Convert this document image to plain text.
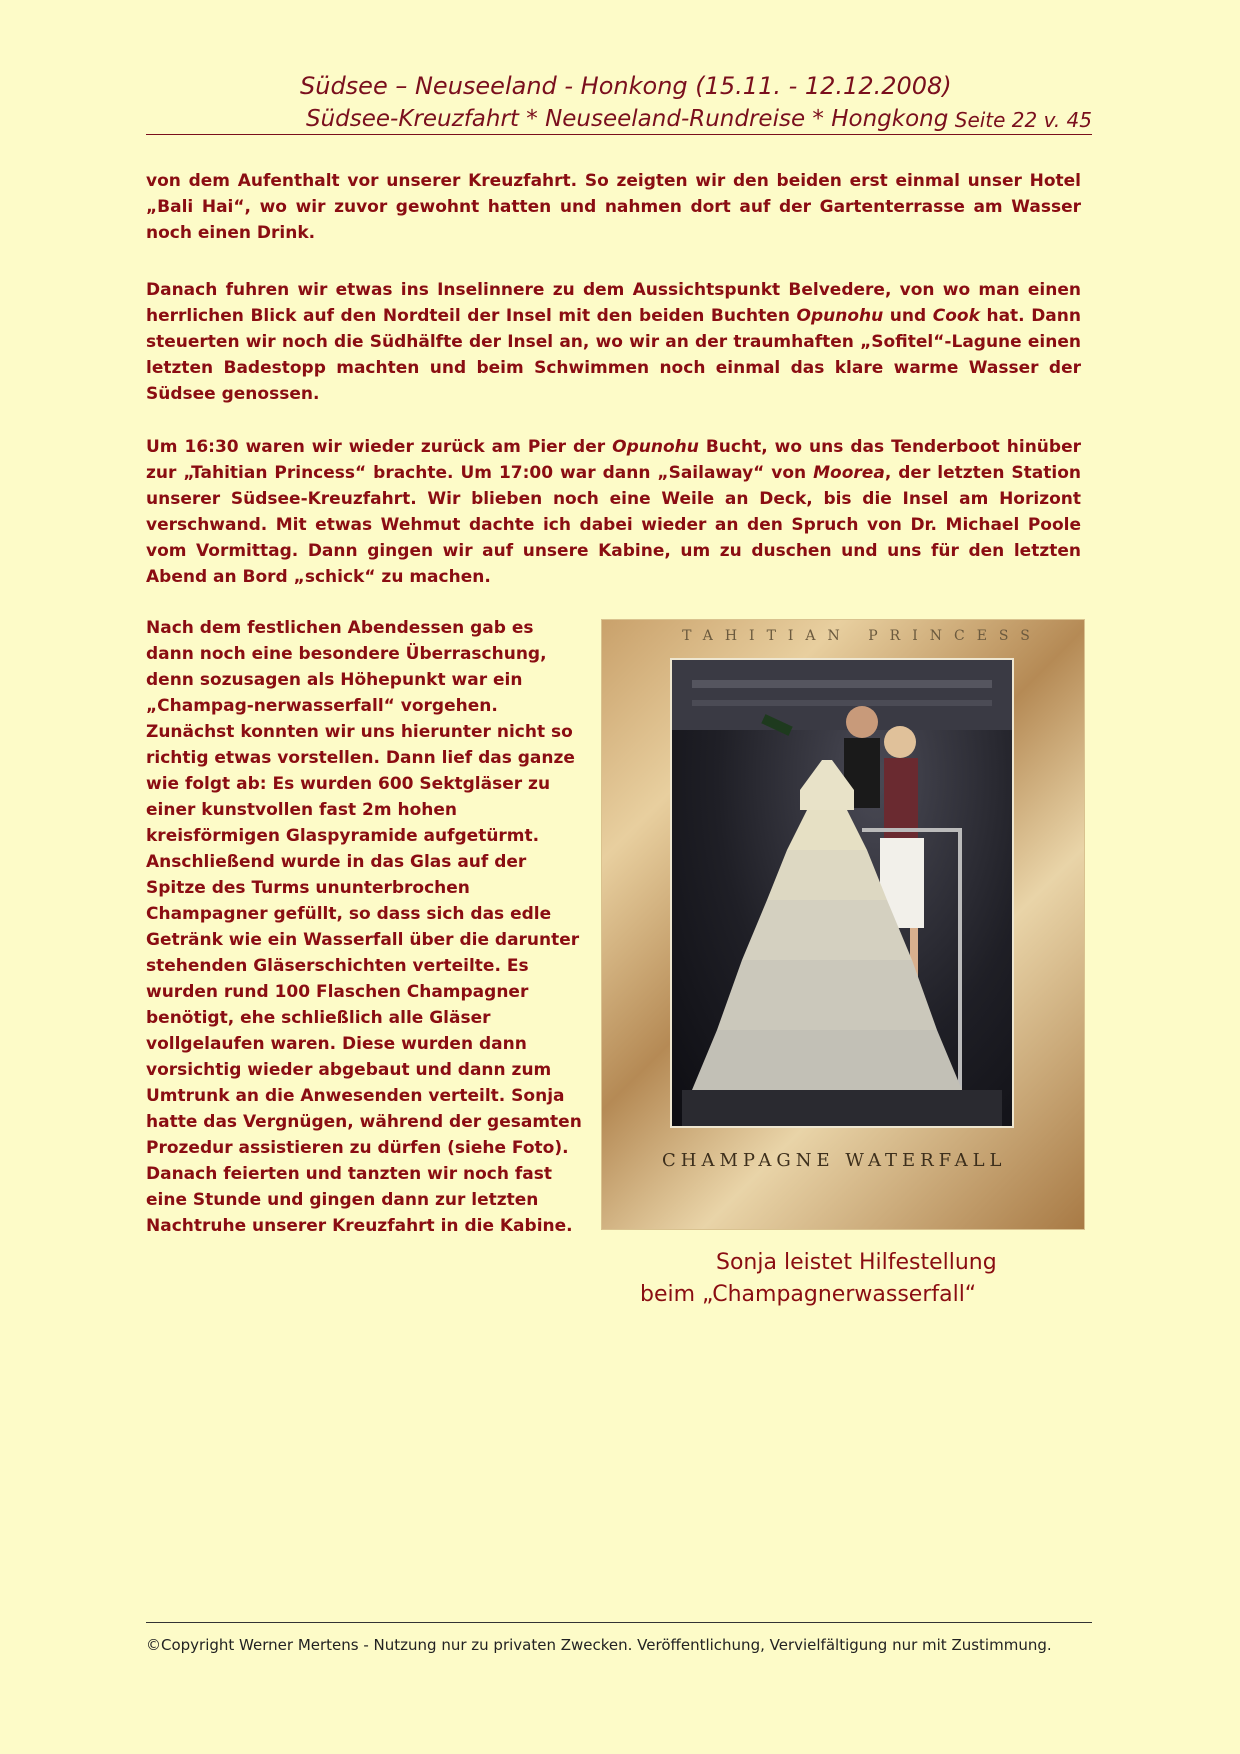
Südsee – Neuseeland - Honkong (15.11. - 12.12.2008)
Südsee-Kreuzfahrt * Neuseeland-Rundreise * Hongkong Seite 22 v. 45

von dem Aufenthalt vor unserer Kreuzfahrt. So zeigten wir den beiden erst einmal unser Hotel „Bali Hai“, wo wir zuvor gewohnt hatten und nahmen dort auf der Gartenterrasse am Wasser noch einen Drink.

Danach fuhren wir etwas ins Inselinnere zu dem Aussichtspunkt Belvedere, von wo man einen herrlichen Blick auf den Nordteil der Insel mit den beiden Buchten Opunohu und Cook hat. Dann steuerten wir noch die Südhälfte der Insel an, wo wir an der traumhaften „Sofitel“-Lagune einen letzten Badestopp machten und beim Schwimmen noch einmal das klare warme Wasser der Südsee genossen.

Um 16:30 waren wir wieder zurück am Pier der Opunohu Bucht, wo uns das Tenderboot hinüber zur „Tahitian Princess“ brachte. Um 17:00 war dann „Sailaway“ von Moorea, der letzten Station unserer Südsee-Kreuzfahrt. Wir blieben noch eine Weile an Deck, bis die Insel am Horizont verschwand. Mit etwas Wehmut dachte ich dabei wieder an den Spruch von Dr. Michael Poole vom Vormittag. Dann gingen wir auf unsere Kabine, um zu duschen und uns für den letzten Abend an Bord „schick“ zu machen.

Nach dem festlichen Abendessen gab es dann noch eine besondere Überraschung, denn sozusagen als Höhepunkt war ein „Champag-nerwasserfall“ vorgehen.

Zunächst konnten wir uns hierunter nicht so richtig etwas vorstellen. Dann lief das ganze wie folgt ab: Es wurden 600 Sektgläser zu einer kunstvollen fast 2m hohen kreisförmigen Glaspyramide aufgetürmt.

Anschließend wurde in das Glas auf der Spitze des Turms ununterbrochen Champagner gefüllt, so dass sich das edle Getränk wie ein Wasserfall über die darunter stehenden Gläserschichten verteilte. Es wurden rund 100 Flaschen Champagner benötigt, ehe schließlich alle Gläser vollgelaufen waren. Diese wurden dann vorsichtig wieder abgebaut und dann zum Umtrunk an die Anwesenden verteilt. Sonja hatte das Vergnügen, während der gesamten Prozedur assistieren zu dürfen (siehe Foto).

Danach feierten und tanzten wir noch fast eine Stunde und gingen dann zur letzten Nachtruhe unserer Kreuzfahrt in die Kabine.

TAHITIAN PRINCESS
CHAMPAGNE WATERFALL
Sonja leistet Hilfestellung
beim „Champagnerwasserfall“
©Copyright Werner Mertens - Nutzung nur zu privaten Zwecken. Veröffentlichung, Vervielfältigung nur mit Zustimmung.
